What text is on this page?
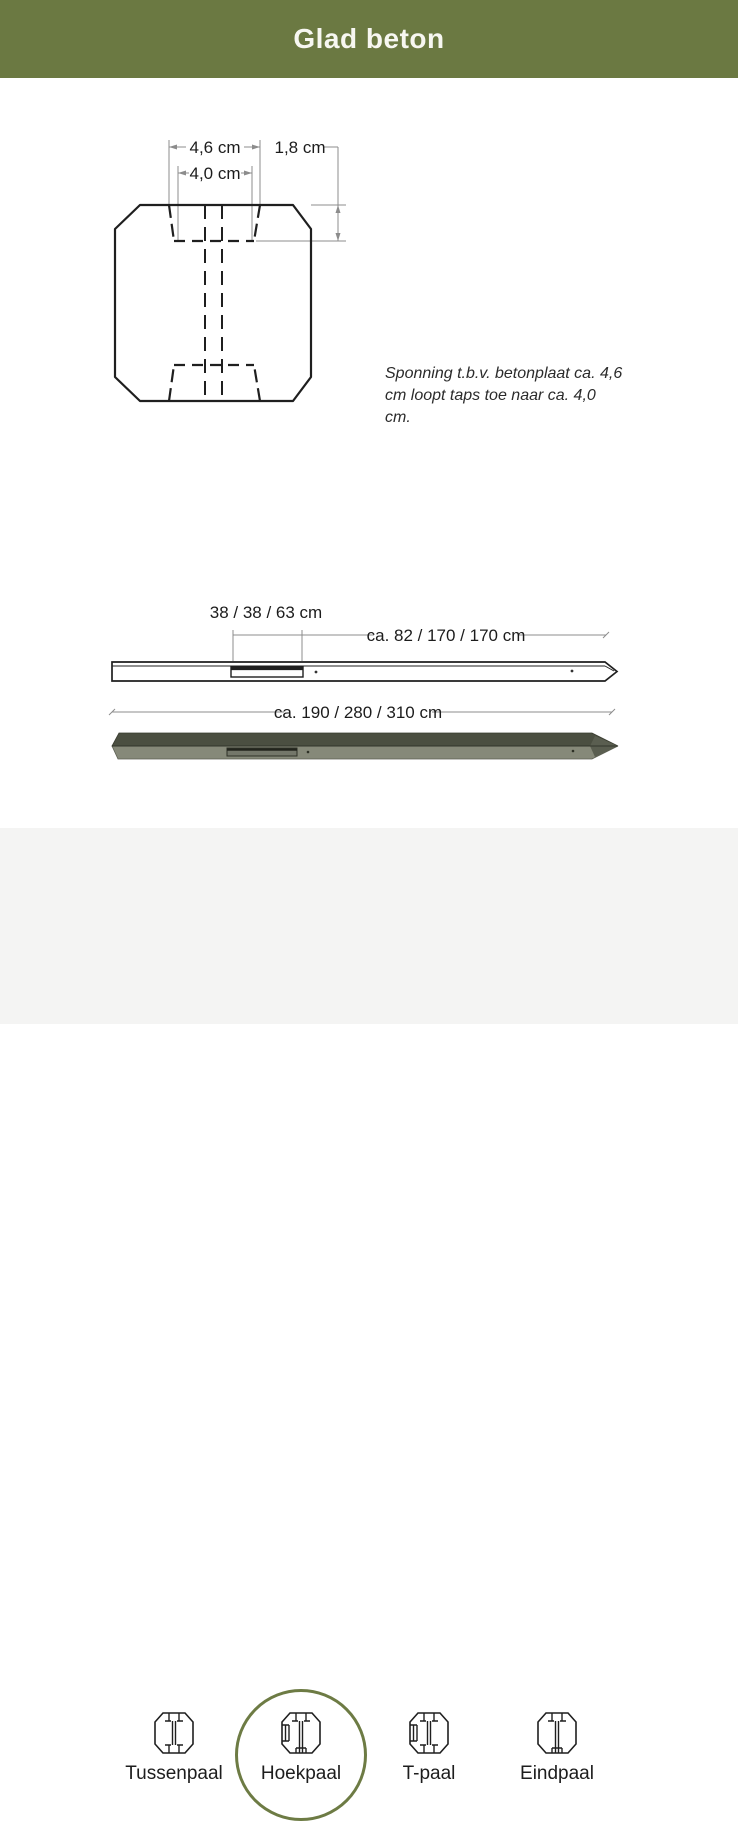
Glad beton
4,6 cm
4,0 cm
1,8 cm
Sponning t.b.v. betonplaat ca. 4,6 cm loopt taps toe naar ca. 4,0 cm.
38 / 38 / 63 cm
ca. 82 / 170 / 170 cm
ca. 190 / 280 / 310 cm
Tussenpaal Hoekpaal	T-paal	Eindpaal
